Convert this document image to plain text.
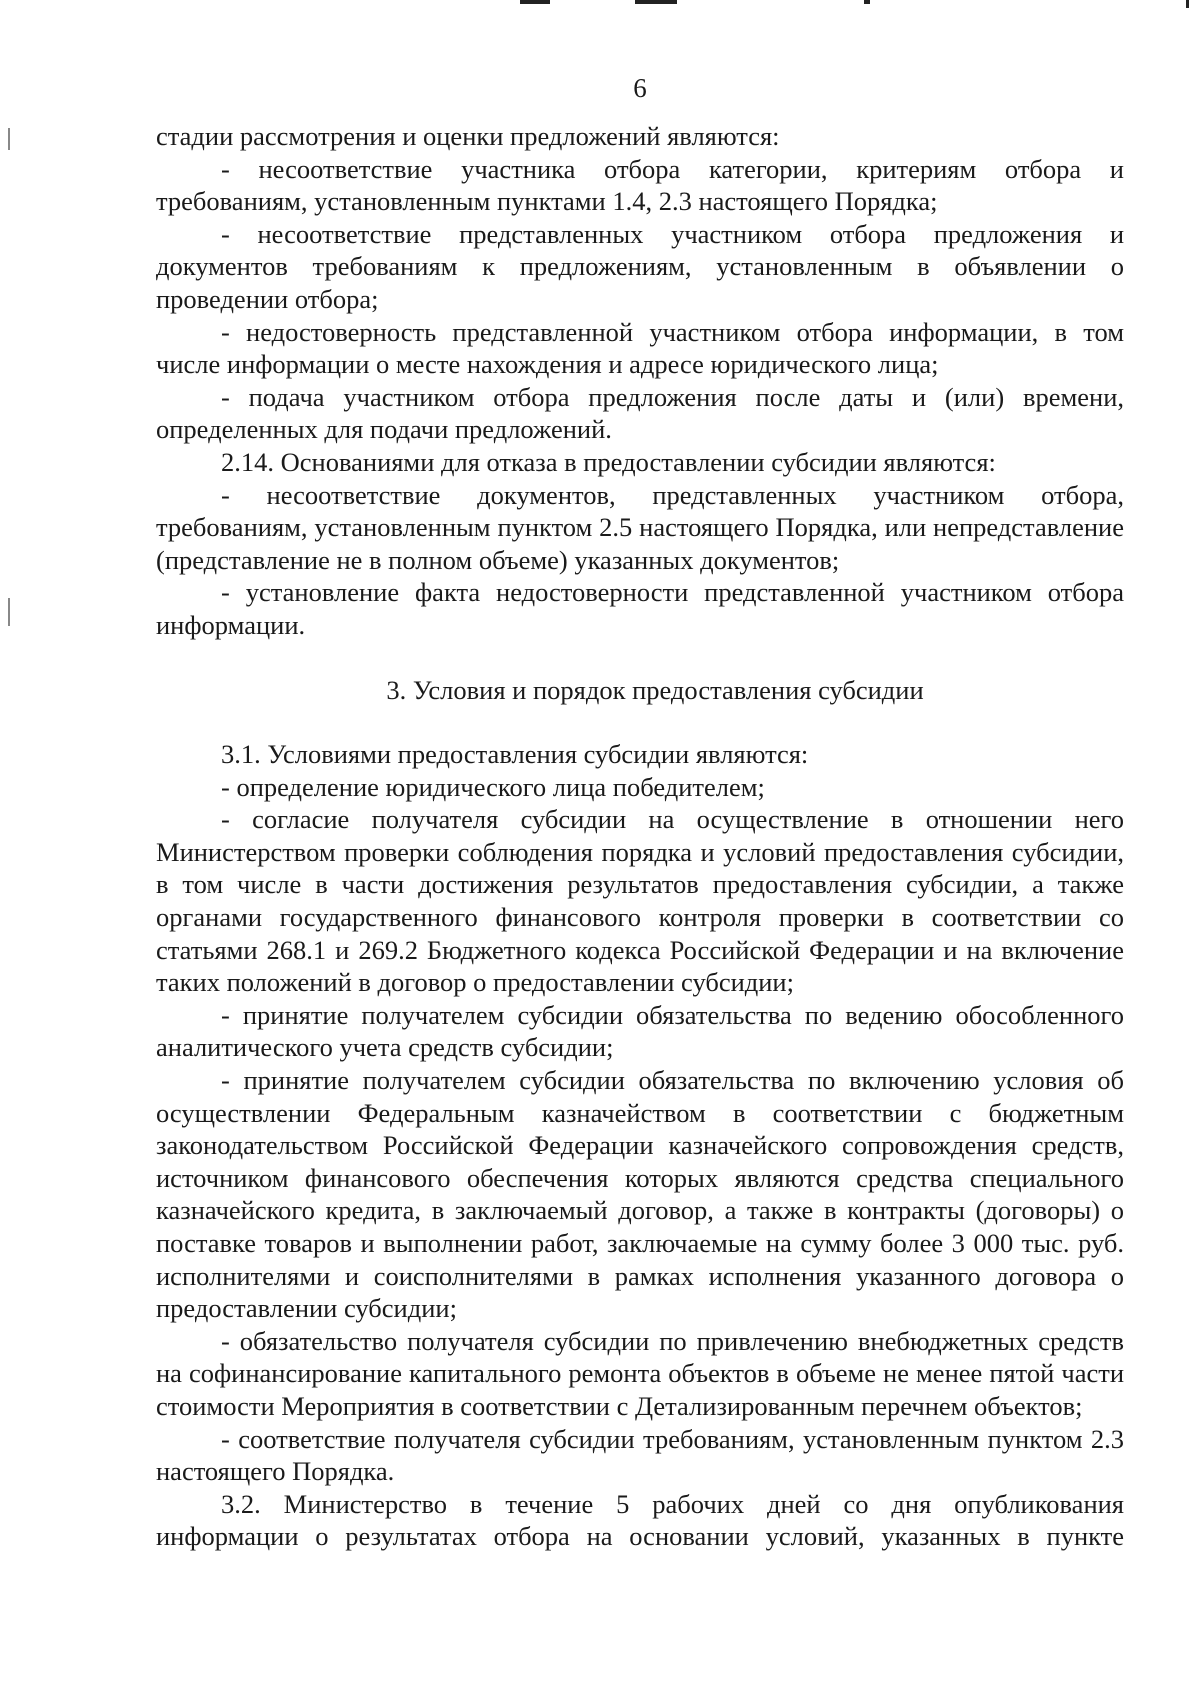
6

стадии рассмотрения и оценки предложений являются:

- несоответствие участника отбора категории, критериям отбора и требованиям, установленным пунктами 1.4, 2.3 настоящего Порядка;

- несоответствие представленных участником отбора предложения и документов требованиям к предложениям, установленным в объявлении о проведении отбора;

- недостоверность представленной участником отбора информации, в том числе информации о месте нахождения и адресе юридического лица;

- подача участником отбора предложения после даты и (или) времени, определенных для подачи предложений.

2.14. Основаниями для отказа в предоставлении субсидии являются:

- несоответствие документов, представленных участником отбора, требованиям, установленным пунктом 2.5 настоящего Порядка, или непредставление (представление не в полном объеме) указанных документов;

- установление факта недостоверности представленной участником отбора информации.

3. Условия и порядок предоставления субсидии

3.1. Условиями предоставления субсидии являются:

- определение юридического лица победителем;

- согласие получателя субсидии на осуществление в отношении него Министерством проверки соблюдения порядка и условий предоставления субсидии, в том числе в части достижения результатов предоставления субсидии, а также органами государственного финансового контроля проверки в соответствии со статьями 268.1 и 269.2 Бюджетного кодекса Российской Федерации и на включение таких положений в договор о предоставлении субсидии;

- принятие получателем субсидии обязательства по ведению обособленного аналитического учета средств субсидии;

- принятие получателем субсидии обязательства по включению условия об осуществлении Федеральным казначейством в соответствии с бюджетным законодательством Российской Федерации казначейского сопровождения средств, источником финансового обеспечения которых являются средства специального казначейского кредита, в заключаемый договор, а также в контракты (договоры) о поставке товаров и выполнении работ, заключаемые на сумму более 3 000 тыс. руб. исполнителями и соисполнителями в рамках исполнения указанного договора о предоставлении субсидии;

- обязательство получателя субсидии по привлечению внебюджетных средств на софинансирование капитального ремонта объектов в объеме не менее пятой части стоимости Мероприятия в соответствии с Детализированным перечнем объектов;

- соответствие получателя субсидии требованиям, установленным пунктом 2.3 настоящего Порядка.

3.2. Министерство в течение 5 рабочих дней со дня опубликования информации о результатах отбора на основании условий, указанных в пункте
